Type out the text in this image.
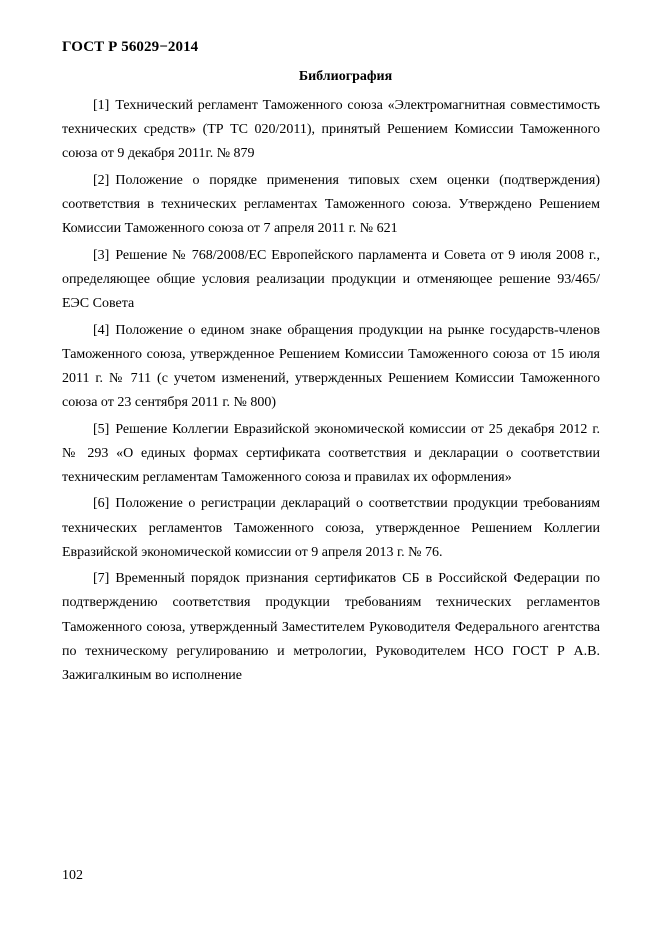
ГОСТ Р 56029−2014
Библиография
[1] Технический регламент Таможенного союза «Электромагнитная совместимость технических средств» (ТР ТС 020/2011), принятый Решением Комиссии Таможенного союза от 9 декабря 2011г. № 879
[2] Положение о порядке применения типовых схем оценки (подтверждения) соответствия в технических регламентах Таможенного союза. Утверждено Решением Комиссии Таможенного союза от 7 апреля 2011 г. № 621
[3] Решение № 768/2008/ЕС Европейского парламента и Совета от 9 июля 2008 г., определяющее общие условия реализации продукции и отменяющее решение 93/465/ЕЭС Совета
[4] Положение о едином знаке обращения продукции на рынке государств-членов Таможенного союза, утвержденное Решением Комиссии Таможенного союза от 15 июля 2011 г. № 711 (с учетом изменений, утвержденных Решением Комиссии Таможенного союза от 23 сентября 2011 г. № 800)
[5] Решение Коллегии Евразийской экономической комиссии от 25 декабря 2012 г. № 293 «О единых формах сертификата соответствия и декларации о соответствии техническим регламентам Таможенного союза и правилах их оформления»
[6] Положение о регистрации деклараций о соответствии продукции требованиям технических регламентов Таможенного союза, утвержденное Решением Коллегии Евразийской экономической комиссии от 9 апреля 2013 г. № 76.
[7] Временный порядок признания сертификатов СБ в Российской Федерации по подтверждению соответствия продукции требованиям технических регламентов Таможенного союза, утвержденный Заместителем Руководителя Федерального агентства по техническому регулированию и метрологии, Руководителем НСО ГОСТ Р А.В. Зажигалкиным во исполнение
102
